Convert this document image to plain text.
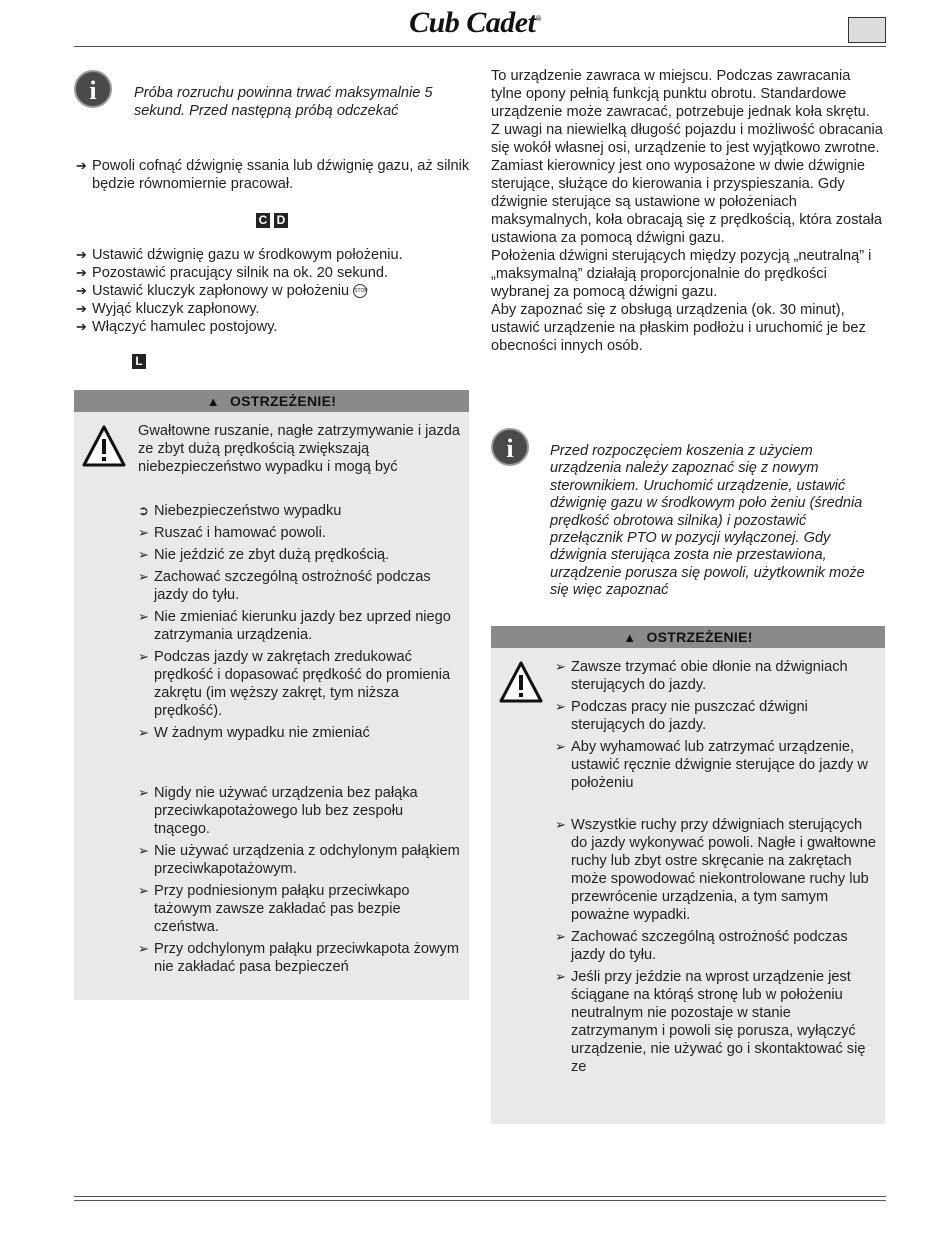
Cub Cadet®
i	Próba rozruchu powinna trwać maksymalnie 5 sekund. Przed następną próbą odczekać
➔ Powoli cofnąć dźwignię ssania lub dźwignię gazu, aż silnik będzie równomiernie pracował.
C D
➔ Ustawić dźwignię gazu w środkowym położeniu.
➔ Pozostawić pracujący silnik na ok. 20 sekund.
➔ Ustawić kluczyk zapłonowy w położeniu STOP
➔ Wyjąć kluczyk zapłonowy.
➔ Włączyć hamulec postojowy.
L
▲ OSTRZEŻENIE!
Gwałtowne ruszanie, nagłe zatrzymywanie i jazda ze zbyt dużą prędkością zwiększają niebezpieczeństwo wypadku i mogą być
➲ Niebezpieczeństwo wypadku
➢ Ruszać i hamować powoli.
➢ Nie jeździć ze zbyt dużą prędkością.
➢ Zachować szczególną ostrożność podczas jazdy do tyłu.
➢ Nie zmieniać kierunku jazdy bez uprzed niego zatrzymania urządzenia.
➢ Podczas jazdy w zakrętach zredukować prędkość i dopasować prędkość do promienia zakrętu (im węższy zakręt, tym niższa prędkość).
➢ W żadnym wypadku nie zmieniać
➢ Nigdy nie używać urządzenia bez pałąka przeciwkapotażowego lub bez zespołu tnącego.
➢ Nie używać urządzenia z odchylonym pałąkiem przeciwkapotażowym.
➢ Przy podniesionym pałąku przeciwkapo tażowym zawsze zakładać pas bezpie czeństwa.
➢ Przy odchylonym pałąku przeciwkapota żowym nie zakładać pasa bezpieczeń
To urządzenie zawraca w miejscu. Podczas zawracania tylne opony pełnią funkcją punktu obrotu. Standardowe urządzenie może zawracać, potrzebuje jednak koła skrętu.
Z uwagi na niewielką długość pojazdu i możliwość obracania się wokół własnej osi, urządzenie to jest wyjątkowo zwrotne.
Zamiast kierownicy jest ono wyposażone w dwie dźwignie sterujące, służące do kierowania i przyspieszania. Gdy dźwignie sterujące są ustawione w położeniach maksymalnych, koła obracają się z prędkością, która została ustawiona za pomocą dźwigni gazu.
Położenia dźwigni sterujących między pozycją „neutralną” i „maksymalną” działają proporcjonalnie do prędkości wybranej za pomocą dźwigni gazu.
Aby zapoznać się z obsługą urządzenia (ok. 30 minut), ustawić urządzenie na płaskim podłożu i uruchomić je bez obecności innych osób.
i	Przed rozpoczęciem koszenia z użyciem urządzenia należy zapoznać się z nowym sterownikiem. Uruchomić urządzenie, ustawić dźwignię gazu w środkowym poło żeniu (średnia prędkość obrotowa silnika) i pozostawić przełącznik PTO w pozycji wyłączonej. Gdy dźwignia sterująca zosta nie przestawiona, urządzenie porusza się powoli, użytkownik może się więc zapoznać
▲ OSTRZEŻENIE!
➢ Zawsze trzymać obie dłonie na dźwigniach sterujących do jazdy.
➢ Podczas pracy nie puszczać dźwigni sterujących do jazdy.
➢ Aby wyhamować lub zatrzymać urządzenie, ustawić ręcznie dźwignie sterujące do jazdy w położeniu
➢ Wszystkie ruchy przy dźwigniach sterujących do jazdy wykonywać powoli. Nagłe i gwałtowne ruchy lub zbyt ostre skręcanie na zakrętach może spowodować niekontrolowane ruchy lub przewrócenie urządzenia, a tym samym poważne wypadki.
➢ Zachować szczególną ostrożność podczas jazdy do tyłu.
➢ Jeśli przy jeździe na wprost urządzenie jest ściągane na którąś stronę lub w położeniu neutralnym nie pozostaje w stanie zatrzymanym i powoli się porusza, wyłączyć urządzenie, nie używać go i skontaktować się ze
